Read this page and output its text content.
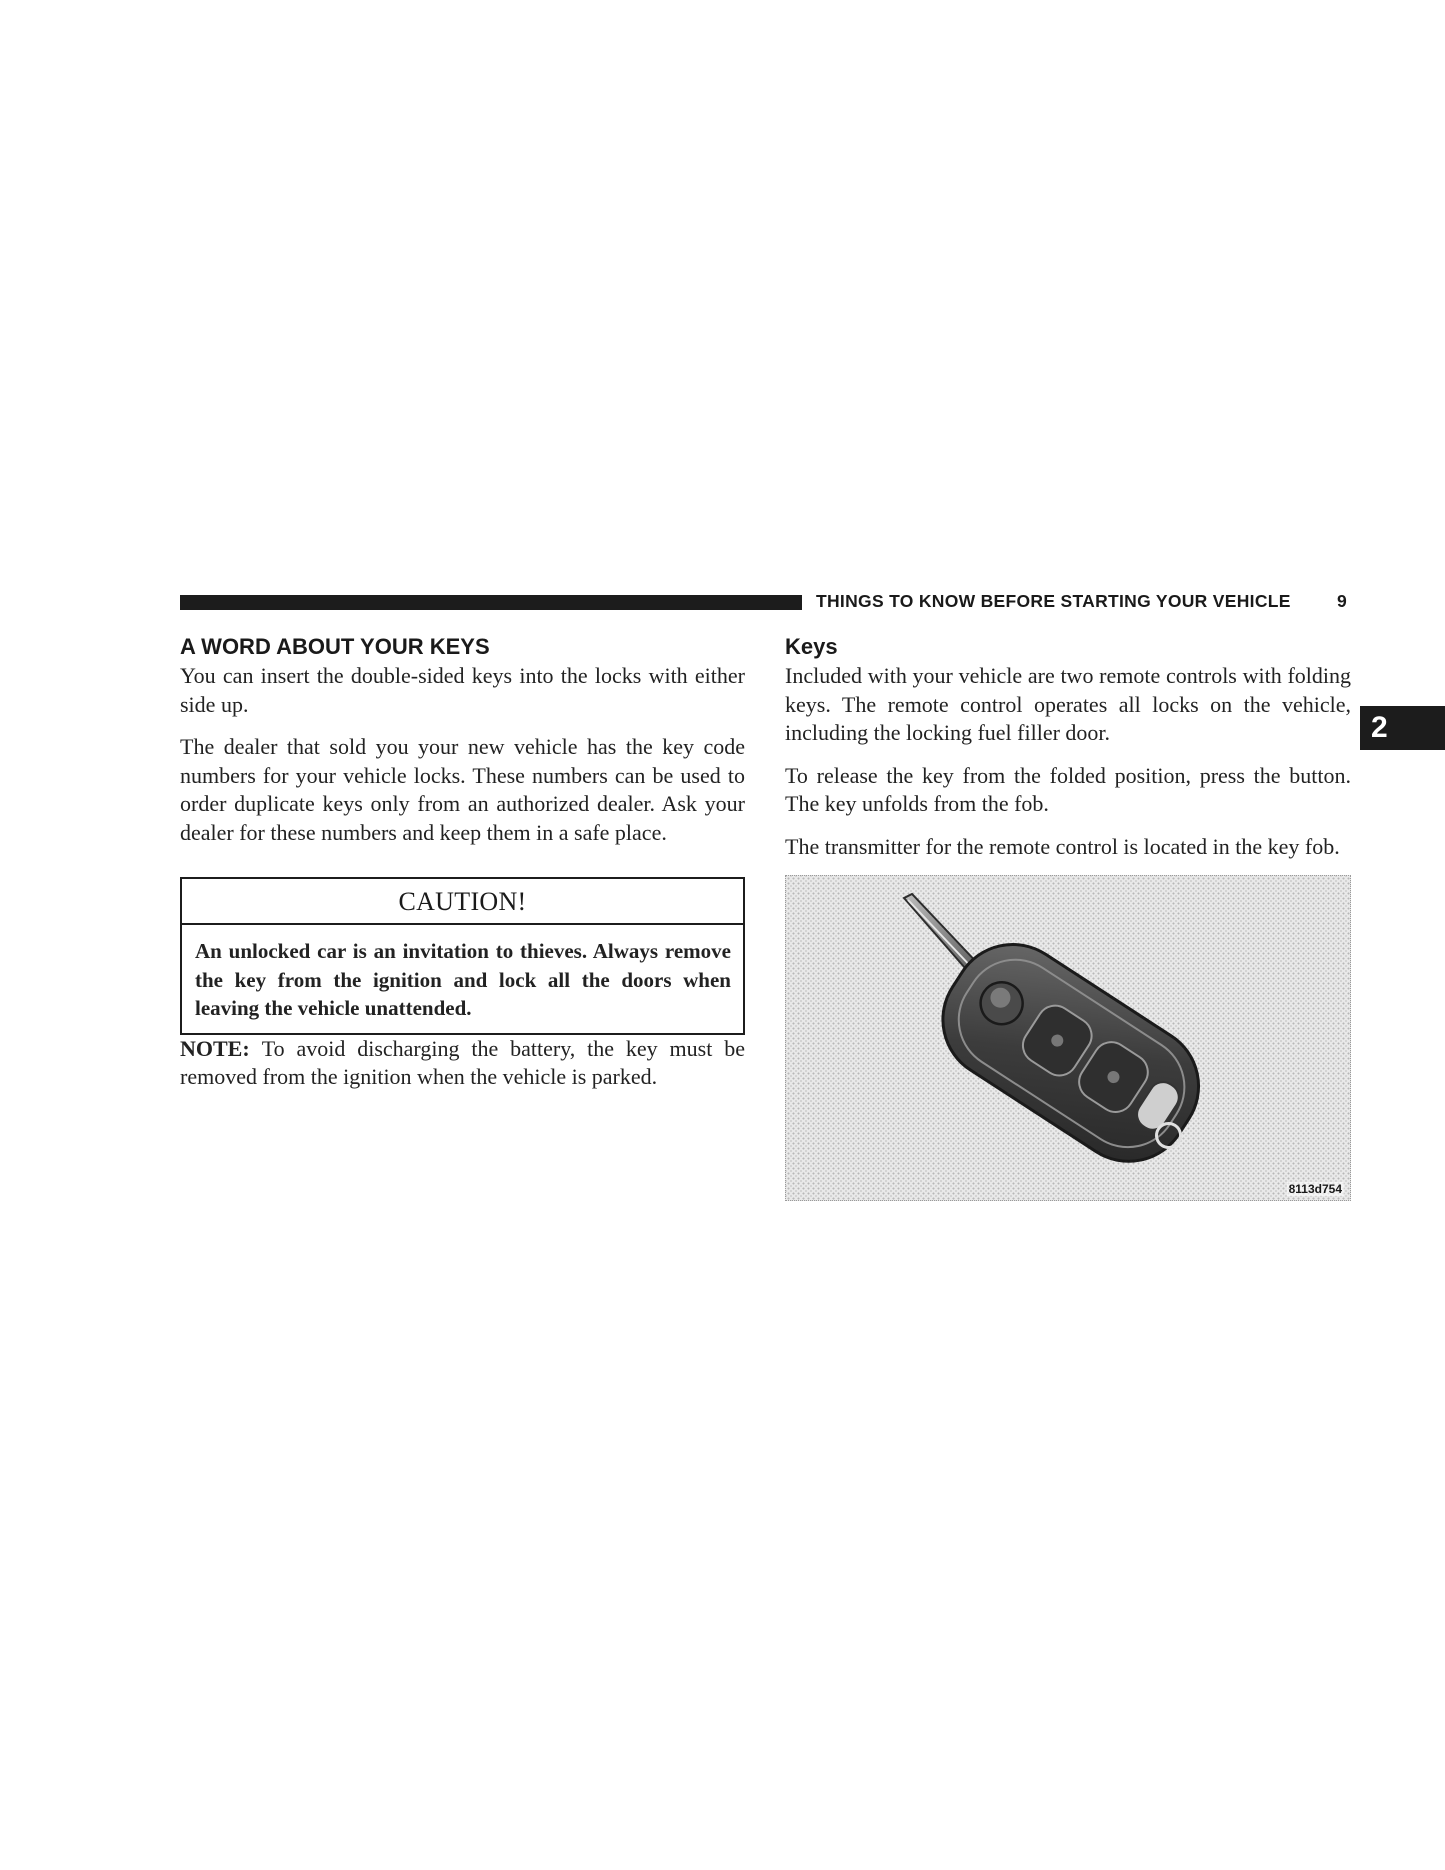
THINGS TO KNOW BEFORE STARTING YOUR VEHICLE	9
2
A WORD ABOUT YOUR KEYS

You can insert the double-sided keys into the locks with either side up.

The dealer that sold you your new vehicle has the key code numbers for your vehicle locks. These numbers can be used to order duplicate keys only from an authorized dealer. Ask your dealer for these numbers and keep them in a safe place.

CAUTION!
An unlocked car is an invitation to thieves. Always remove the key from the ignition and lock all the doors when leaving the vehicle unattended.

NOTE: To avoid discharging the battery, the key must be removed from the ignition when the vehicle is parked.

Keys

Included with your vehicle are two remote controls with folding keys. The remote control operates all locks on the vehicle, including the locking fuel filler door.

To release the key from the folded position, press the button. The key unfolds from the fob.

The transmitter for the remote control is located in the key fob.

8113d754
